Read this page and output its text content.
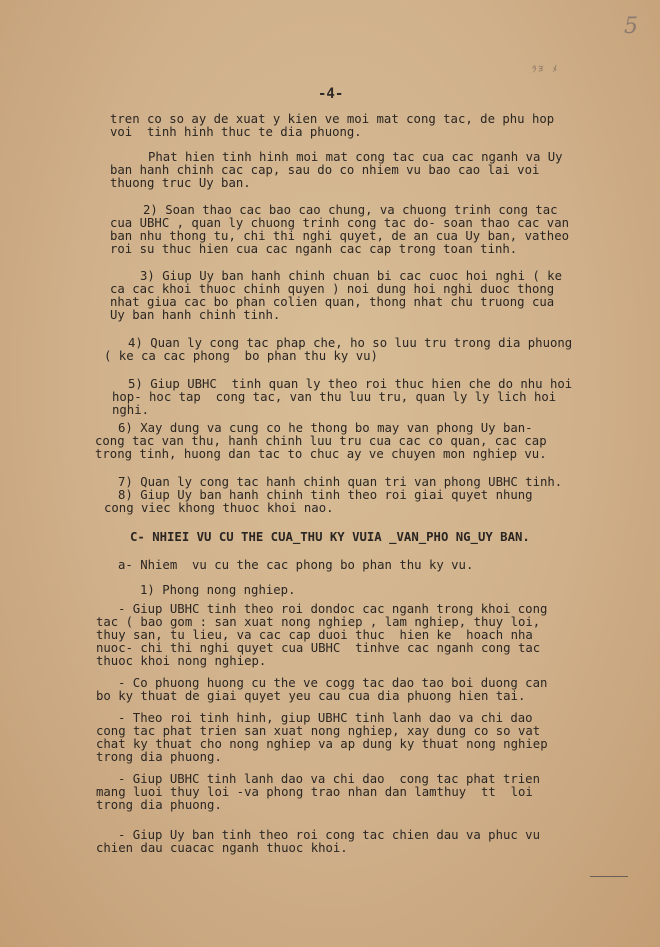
5
ﾗﾖ ﾒ
-4-
tren co so ay de xuat y kien ve moi mat cong tac, de phu hop
voi  tinh hinh thuc te dia phuong.
Phat hien tinh hinh moi mat cong tac cua cac nganh va Uy
ban hanh chinh cac cap, sau do co nhiem vu bao cao lai voi
thuong truc Uy ban.
2) Soan thao cac bao cao chung, va chuong trinh cong tac
cua UBHC , quan ly chuong trinh cong tac do- soan thao cac van
ban nhu thong tu, chi thi nghi quyet, de an cua Uy ban, vatheo
roi su thuc hien cua cac nganh cac cap trong toan tinh.
3) Giup Uy ban hanh chinh chuan bi cac cuoc hoi nghi ( ke
ca cac khoi thuoc chinh quyen ) noi dung hoi nghi duoc thong
nhat giua cac bo phan colien quan, thong nhat chu truong cua
Uy ban hanh chinh tinh.
4) Quan ly cong tac phap che, ho so luu tru trong dia phuong
( ke ca cac phong  bo phan thu ky vu)
5) Giup UBHC  tinh quan ly theo roi thuc hien che do nhu hoi
hop- hoc tap  cong tac, van thu luu tru, quan ly ly lich hoi
nghi.
6) Xay dung va cung co he thong bo may van phong Uy ban-
cong tac van thu, hanh chinh luu tru cua cac co quan, cac cap
trong tinh, huong dan tac to chuc ay ve chuyen mon nghiep vu.
7) Quan ly cong tac hanh chinh quan tri van phong UBHC tinh.
8) Giup Uy ban hanh chinh tinh theo roi giai quyet nhung
cong viec khong thuoc khoi nao.
C- NHIEI VU CU THE CUA_THU KY VUIA _VAN_PHO NG_UY BAN.
a- Nhiem  vu cu the cac phong bo phan thu ky vu.
1) Phong nong nghiep.
- Giup UBHC tinh theo roi dondoc cac nganh trong khoi cong
tac ( bao gom : san xuat nong nghiep , lam nghiep, thuy loi,
thuy san, tu lieu, va cac cap duoi thuc  hien ke  hoach nha
nuoc- chi thi nghi quyet cua UBHC  tinhve cac nganh cong tac
thuoc khoi nong nghiep.
- Co phuong huong cu the ve cogg tac dao tao boi duong can
bo ky thuat de giai quyet yeu cau cua dia phuong hien tai.
- Theo roi tinh hinh, giup UBHC tinh lanh dao va chi dao
cong tac phat trien san xuat nong nghiep, xay dung co so vat
chat ky thuat cho nong nghiep va ap dung ky thuat nong nghiep
trong dia phuong.
- Giup UBHC tinh lanh dao va chi dao  cong tac phat trien
mang luoi thuy loi -va phong trao nhan dan lamthuy  tt  loi
trong dia phuong.
- Giup Uy ban tinh theo roi cong tac chien dau va phuc vu
chien dau cuacac nganh thuoc khoi.
